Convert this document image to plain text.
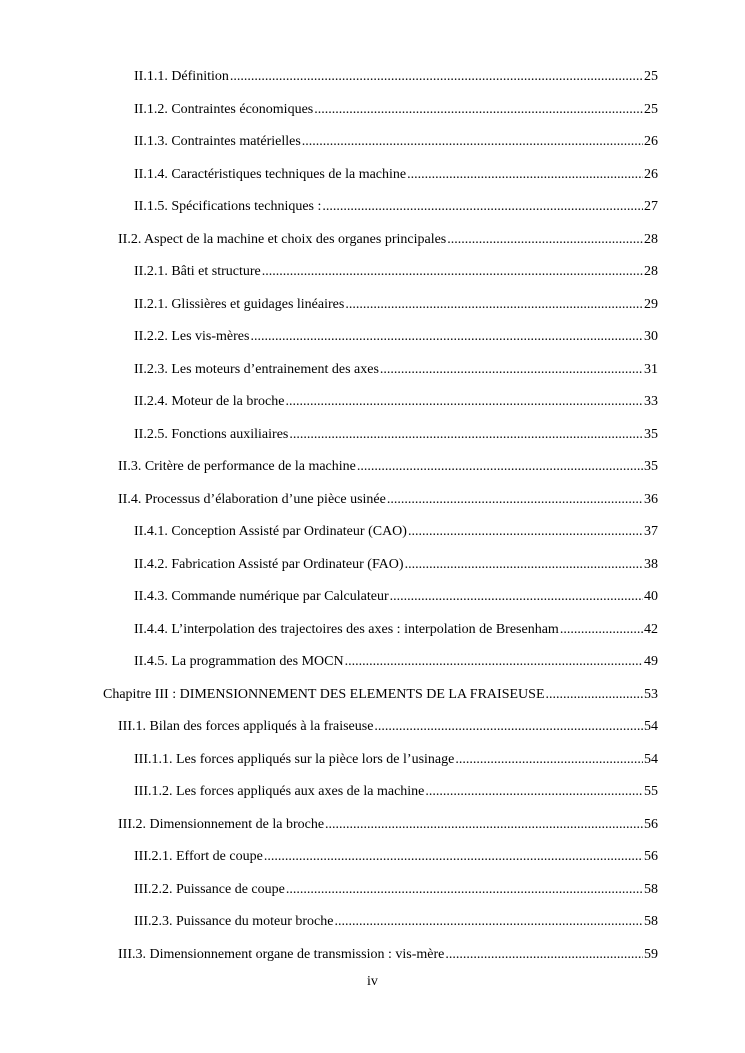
II.1.1. Définition .....	25
II.1.2. Contraintes économiques .....	25
II.1.3. Contraintes matérielles .....	26
II.1.4. Caractéristiques techniques de la machine .....	26
II.1.5. Spécifications techniques : .....	27
II.2. Aspect de la machine et choix des organes principales .....	28
II.2.1. Bâti et structure .....	28
II.2.1. Glissières et guidages linéaires .....	29
II.2.2. Les vis-mères .....	30
II.2.3. Les moteurs d’entrainement des axes .....	31
II.2.4. Moteur de la broche .....	33
II.2.5. Fonctions auxiliaires .....	35
II.3. Critère de performance de la machine .....	35
II.4. Processus d’élaboration d’une pièce usinée .....	36
II.4.1. Conception Assisté par Ordinateur (CAO) .....	37
II.4.2. Fabrication Assisté par Ordinateur (FAO) .....	38
II.4.3. Commande numérique par Calculateur .....	40
II.4.4. L’interpolation des trajectoires des axes : interpolation de Bresenham .....	42
II.4.5. La programmation des MOCN .....	49
Chapitre III : DIMENSIONNEMENT DES ELEMENTS DE LA FRAISEUSE .....	53
III.1. Bilan des forces appliqués à la fraiseuse .....	54
III.1.1. Les forces appliqués sur la pièce lors de l’usinage .....	54
III.1.2. Les forces appliqués aux axes de la machine .....	55
III.2. Dimensionnement de la broche .....	56
III.2.1. Effort de coupe .....	56
III.2.2. Puissance de coupe .....	58
III.2.3. Puissance du moteur broche .....	58
III.3. Dimensionnement organe de transmission : vis-mère .....	59
iv
